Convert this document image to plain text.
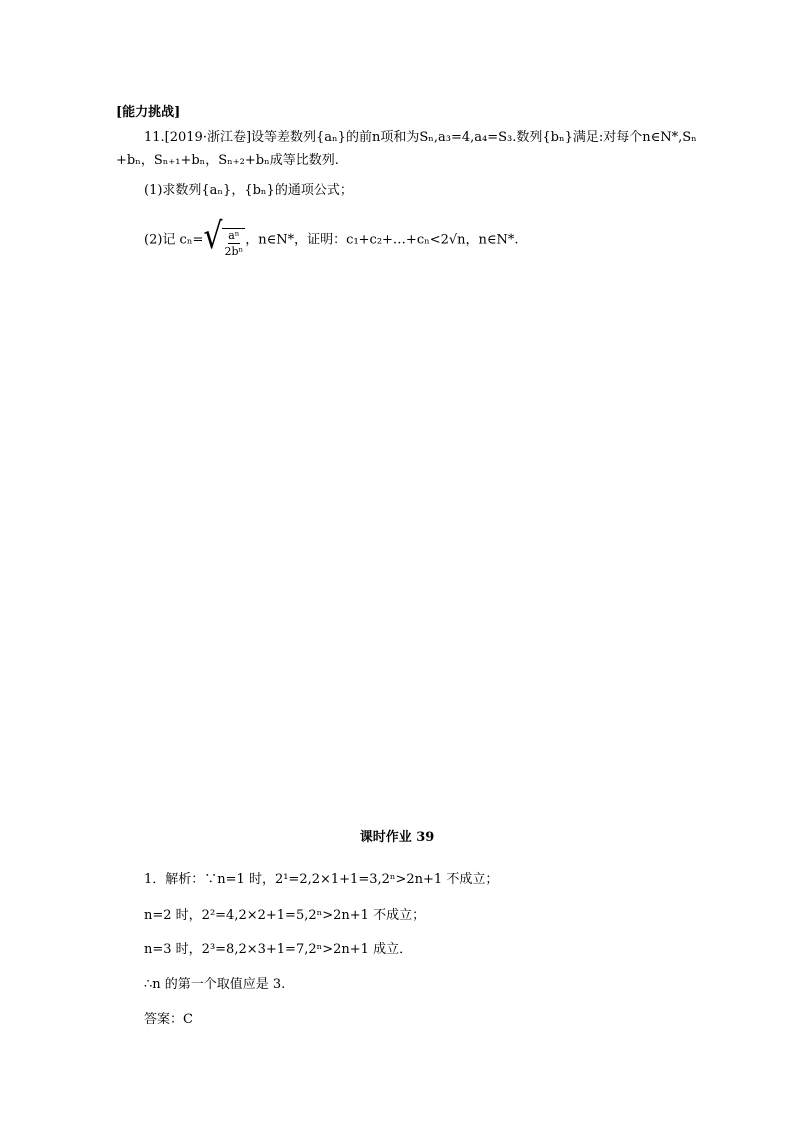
[能力挑战]
11.[2019·浙江卷]设等差数列{aₙ}的前n项和为Sₙ,a₃=4,a₄=S₃.数列{bₙ}满足:对每个n∈N*,Sₙ
+bₙ，Sₙ₊₁+bₙ，Sₙ₊₂+bₙ成等比数列.
(1)求数列{aₙ}，{bₙ}的通项公式；
(2)记 $c_n=√ \frac{\text{aⁿ}}{\text{2bⁿ}}$ ，n∈N*，证明：c₁+c₂+…+cₙ<2√n，n∈N*.
课时作业 39
1．解析：∵n=1 时，2¹=2,2×1+1=3,2ⁿ>2n+1 不成立；
n=2 时，2²=4,2×2+1=5,2ⁿ>2n+1 不成立；
n=3 时，2³=8,2×3+1=7,2ⁿ>2n+1 成立．
∴n 的第一个取值应是 3.
答案：C
